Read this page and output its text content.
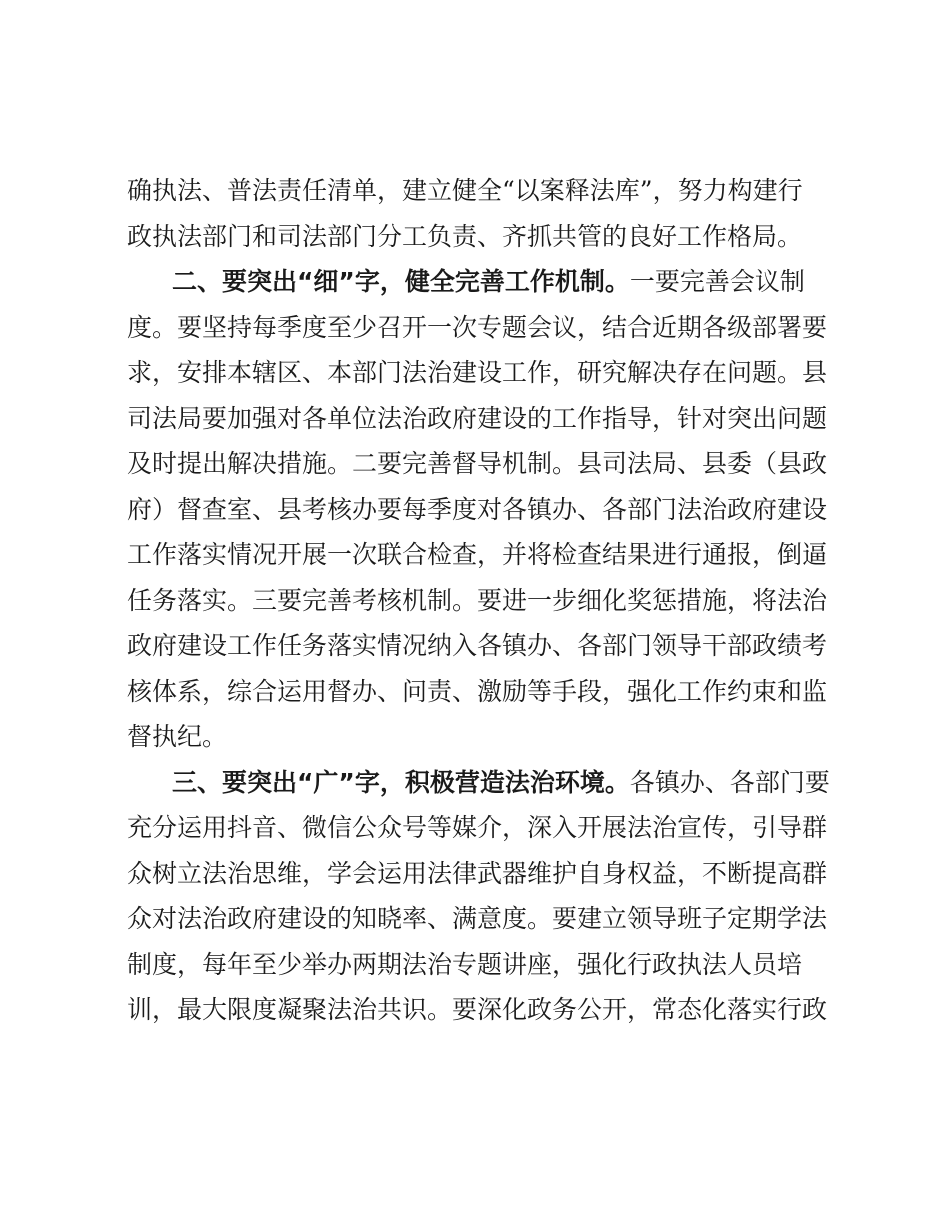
确执法、普法责任清单，建立健全“以案释法库”，努力构建行
政执法部门和司法部门分工负责、齐抓共管的良好工作格局。
二、要突出“细”字，健全完善工作机制。一要完善会议制
度。要坚持每季度至少召开一次专题会议，结合近期各级部署要
求，安排本辖区、本部门法治建设工作，研究解决存在问题。县
司法局要加强对各单位法治政府建设的工作指导，针对突出问题
及时提出解决措施。二要完善督导机制。县司法局、县委（县政
府）督查室、县考核办要每季度对各镇办、各部门法治政府建设
工作落实情况开展一次联合检查，并将检查结果进行通报，倒逼
任务落实。三要完善考核机制。要进一步细化奖惩措施，将法治
政府建设工作任务落实情况纳入各镇办、各部门领导干部政绩考
核体系，综合运用督办、问责、激励等手段，强化工作约束和监
督执纪。
三、要突出“广”字，积极营造法治环境。各镇办、各部门要
充分运用抖音、微信公众号等媒介，深入开展法治宣传，引导群
众树立法治思维，学会运用法律武器维护自身权益，不断提高群
众对法治政府建设的知晓率、满意度。要建立领导班子定期学法
制度，每年至少举办两期法治专题讲座，强化行政执法人员培
训，最大限度凝聚法治共识。要深化政务公开，常态化落实行政
